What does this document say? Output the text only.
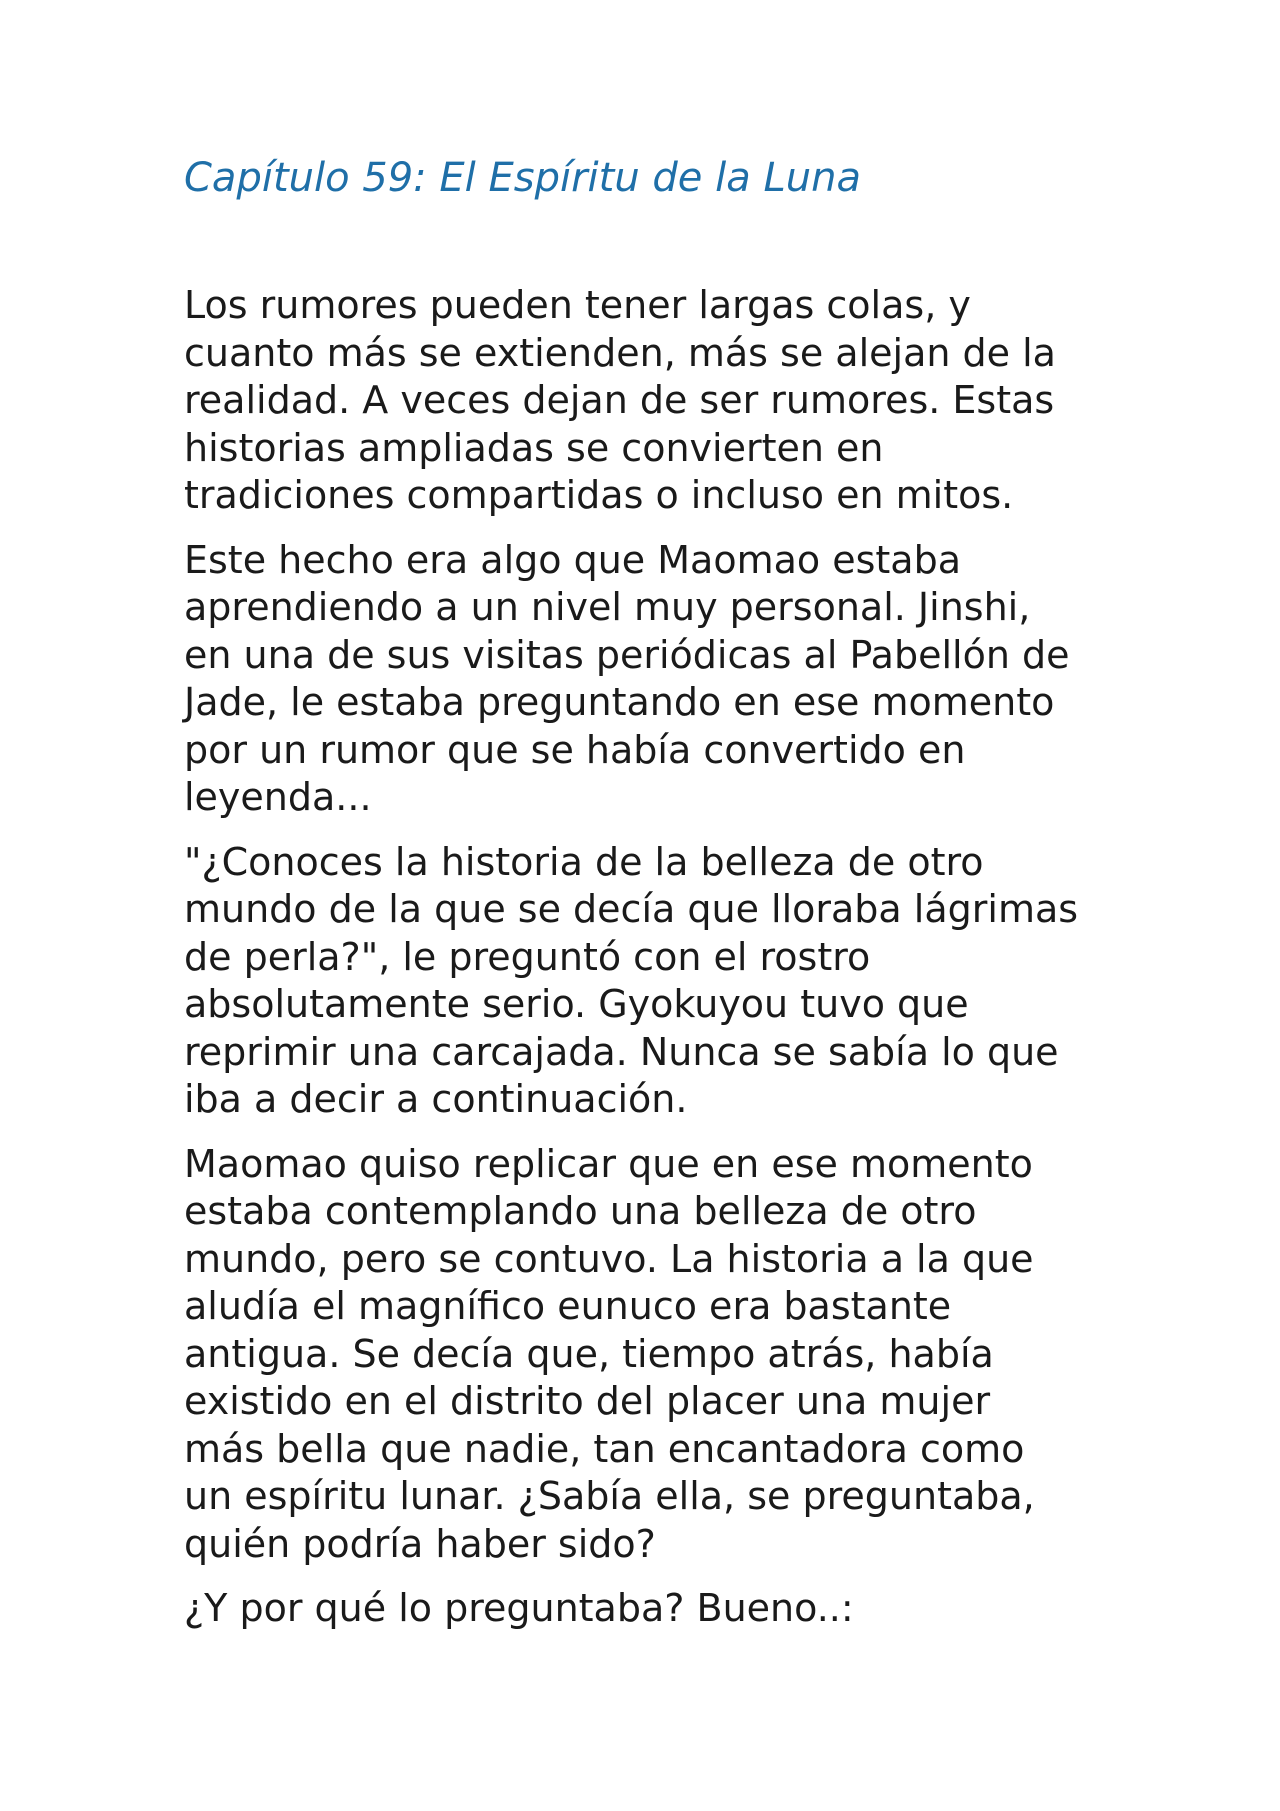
Capítulo 59: El Espíritu de la Luna

Los rumores pueden tener largas colas, y
cuanto más se extienden, más se alejan de la
realidad. A veces dejan de ser rumores. Estas
historias ampliadas se convierten en
tradiciones compartidas o incluso en mitos.

Este hecho era algo que Maomao estaba
aprendiendo a un nivel muy personal. Jinshi,
en una de sus visitas periódicas al Pabellón de
Jade, le estaba preguntando en ese momento
por un rumor que se había convertido en
leyenda...

"¿Conoces la historia de la belleza de otro
mundo de la que se decía que lloraba lágrimas
de perla?", le preguntó con el rostro
absolutamente serio. Gyokuyou tuvo que
reprimir una carcajada. Nunca se sabía lo que
iba a decir a continuación.

Maomao quiso replicar que en ese momento
estaba contemplando una belleza de otro
mundo, pero se contuvo. La historia a la que
aludía el magnífico eunuco era bastante
antigua. Se decía que, tiempo atrás, había
existido en el distrito del placer una mujer
más bella que nadie, tan encantadora como
un espíritu lunar. ¿Sabía ella, se preguntaba,
quién podría haber sido?

¿Y por qué lo preguntaba? Bueno..:
